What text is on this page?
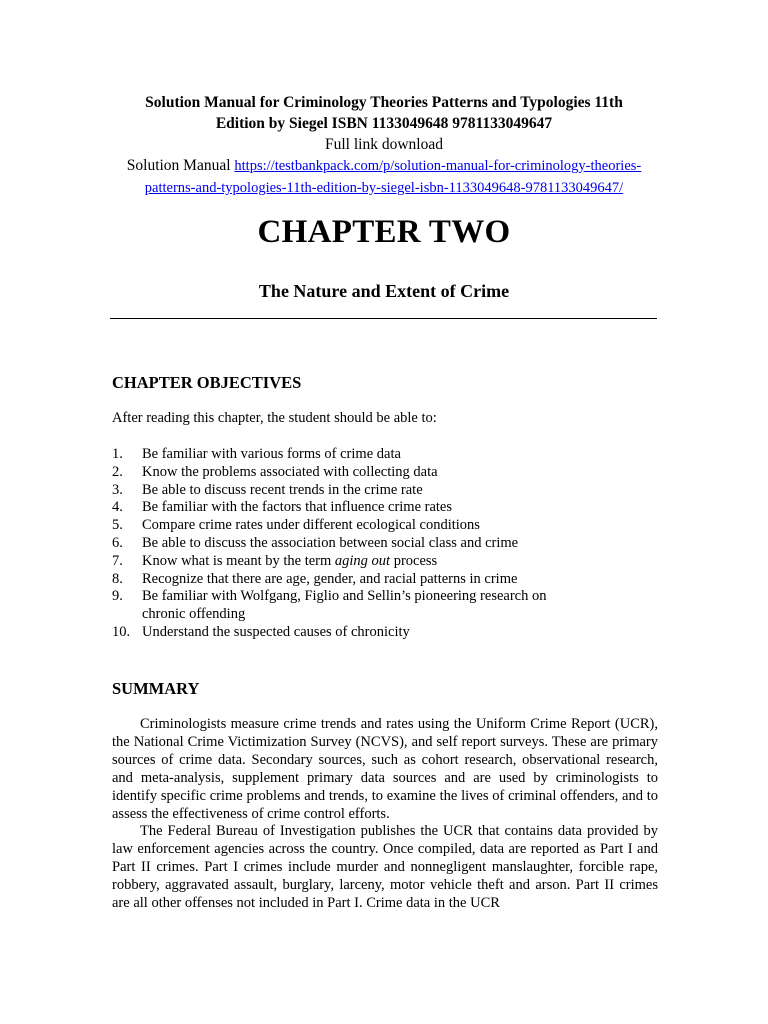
Solution Manual for Criminology Theories Patterns and Typologies 11th
Edition by Siegel ISBN 1133049648 9781133049647
Full link download
Solution Manual https://testbankpack.com/p/solution-manual-for-criminology-theories-
patterns-and-typologies-11th-edition-by-siegel-isbn-1133049648-9781133049647/
CHAPTER TWO
The Nature and Extent of Crime
CHAPTER OBJECTIVES
After reading this chapter, the student should be able to:
1.	Be familiar with various forms of crime data
2.	Know the problems associated with collecting data
3.	Be able to discuss recent trends in the crime rate
4.	Be familiar with the factors that influence crime rates
5.	Compare crime rates under different ecological conditions
6.	Be able to discuss the association between social class and crime
7.	Know what is meant by the term aging out process
8.	Recognize that there are age, gender, and racial patterns in crime
9.	Be familiar with Wolfgang, Figlio and Sellin’s pioneering research on
chronic offending
10. Understand the suspected causes of chronicity
SUMMARY

Criminologists measure crime trends and rates using the Uniform Crime Report (UCR), the National Crime Victimization Survey (NCVS), and self report surveys. These are primary sources of crime data. Secondary sources, such as cohort research, observational research, and meta-analysis, supplement primary data sources and are used by criminologists to identify specific crime problems and trends, to examine the lives of criminal offenders, and to assess the effectiveness of crime control efforts.

The Federal Bureau of Investigation publishes the UCR that contains data provided by law enforcement agencies across the country. Once compiled, data are reported as Part I and Part II crimes. Part I crimes include murder and nonnegligent manslaughter, forcible rape, robbery, aggravated assault, burglary, larceny, motor vehicle theft and arson. Part II crimes are all other offenses not included in Part I. Crime data in the UCR
